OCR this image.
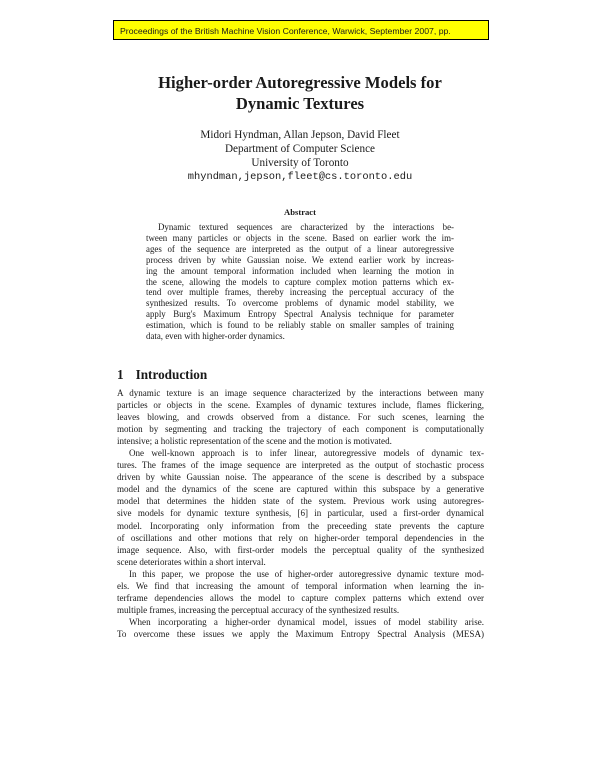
Proceedings of the British Machine Vision Conference, Warwick, September 2007, pp.
Higher-order Autoregressive Models for
Dynamic Textures
Midori Hyndman, Allan Jepson, David Fleet
Department of Computer Science
University of Toronto
mhyndman,jepson,fleet@cs.toronto.edu
Abstract
Dynamic textured sequences are characterized by the interactions be-
tween many particles or objects in the scene. Based on earlier work the im-
ages of the sequence are interpreted as the output of a linear autoregressive
process driven by white Gaussian noise. We extend earlier work by increas-
ing the amount temporal information included when learning the motion in
the scene, allowing the models to capture complex motion patterns which ex-
tend over multiple frames, thereby increasing the perceptual accuracy of the
synthesized results. To overcome problems of dynamic model stability, we
apply Burg's Maximum Entropy Spectral Analysis technique for parameter
estimation, which is found to be reliably stable on smaller samples of training
data, even with higher-order dynamics.
1 Introduction
A dynamic texture is an image sequence characterized by the interactions between many
particles or objects in the scene. Examples of dynamic textures include, flames flickering,
leaves blowing, and crowds observed from a distance. For such scenes, learning the
motion by segmenting and tracking the trajectory of each component is computationally
intensive; a holistic representation of the scene and the motion is motivated.
One well-known approach is to infer linear, autoregressive models of dynamic tex-
tures. The frames of the image sequence are interpreted as the output of stochastic process
driven by white Gaussian noise. The appearance of the scene is described by a subspace
model and the dynamics of the scene are captured within this subspace by a generative
model that determines the hidden state of the system. Previous work using autoregres-
sive models for dynamic texture synthesis, [6] in particular, used a first-order dynamical
model. Incorporating only information from the preceeding state prevents the capture
of oscillations and other motions that rely on higher-order temporal dependencies in the
image sequence. Also, with first-order models the perceptual quality of the synthesized
scene deteriorates within a short interval.
In this paper, we propose the use of higher-order autoregressive dynamic texture mod-
els. We find that increasing the amount of temporal information when learning the in-
terframe dependencies allows the model to capture complex patterns which extend over
multiple frames, increasing the perceptual accuracy of the synthesized results.
When incorporating a higher-order dynamical model, issues of model stability arise.
To overcome these issues we apply the Maximum Entropy Spectral Analysis (MESA)
